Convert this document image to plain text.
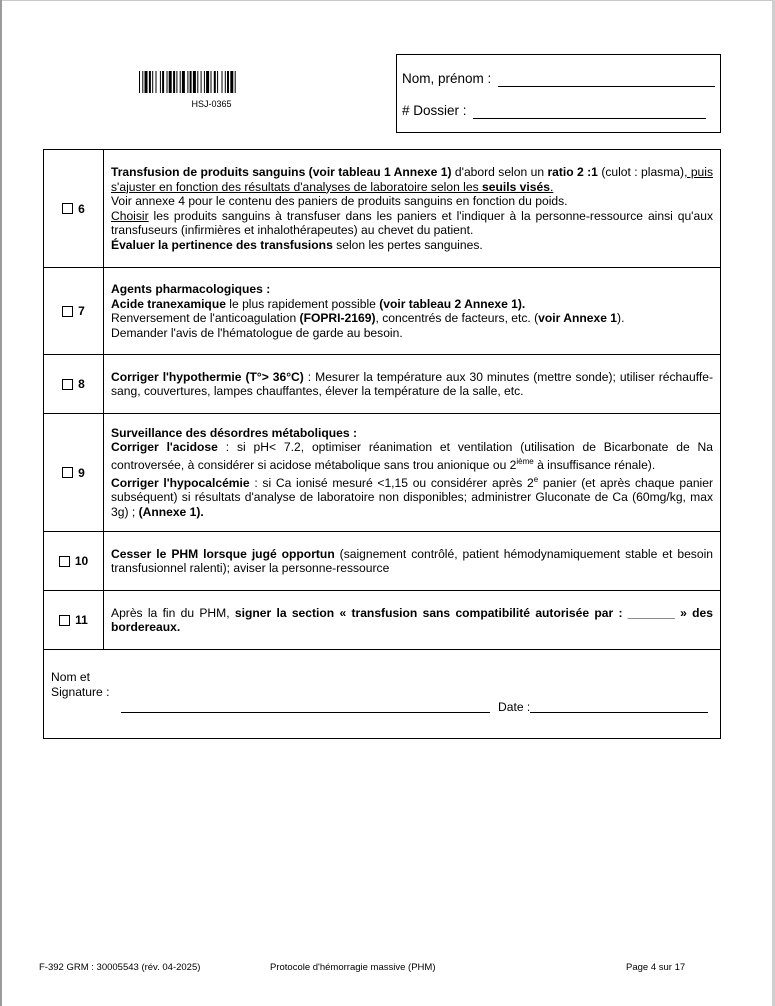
HSJ-0365
Nom, prénom :
# Dossier :
6

Transfusion de produits sanguins (voir tableau 1 Annexe 1) d'abord selon un ratio 2 :1 (culot : plasma), puis s'ajuster en fonction des résultats d'analyses de laboratoire selon les seuils visés.

Voir annexe 4 pour le contenu des paniers de produits sanguins en fonction du poids.

Choisir les produits sanguins à transfuser dans les paniers et l'indiquer à la personne-ressource ainsi qu'aux transfuseurs (infirmières et inhalothérapeutes) au chevet du patient.

Évaluer la pertinence des transfusions selon les pertes sanguines.

7

Agents pharmacologiques :

Acide tranexamique le plus rapidement possible (voir tableau 2 Annexe 1).

Renversement de l'anticoagulation (FOPRI-2169), concentrés de facteurs, etc. (voir Annexe 1).

Demander l'avis de l'hématologue de garde au besoin.

8

Corriger l'hypothermie (T°> 36°C) : Mesurer la température aux 30 minutes (mettre sonde); utiliser réchauffe-sang, couvertures, lampes chauffantes, élever la température de la salle, etc.

9

Surveillance des désordres métaboliques :

Corriger l'acidose : si pH< 7.2, optimiser réanimation et ventilation (utilisation de Bicarbonate de Na controversée, à considérer si acidose métabolique sans trou anionique ou 2ième à insuffisance rénale).

Corriger l'hypocalcémie : si Ca ionisé mesuré <1,15 ou considérer après 2e panier (et après chaque panier subséquent) si résultats d'analyse de laboratoire non disponibles; administrer Gluconate de Ca (60mg/kg, max 3g) ; (Annexe 1).

10

Cesser le PHM lorsque jugé opportun (saignement contrôlé, patient hémodynamiquement stable et besoin transfusionnel ralenti); aviser la personne-ressource

11

Après la fin du PHM, signer la section « transfusion sans compatibilité autorisée par : _______ » des bordereaux.

Nom et
Signature :
Date :
F-392 GRM : 30005543 (rév. 04-2025)	Protocole d'hémorragie massive (PHM)	Page 4 sur 17
